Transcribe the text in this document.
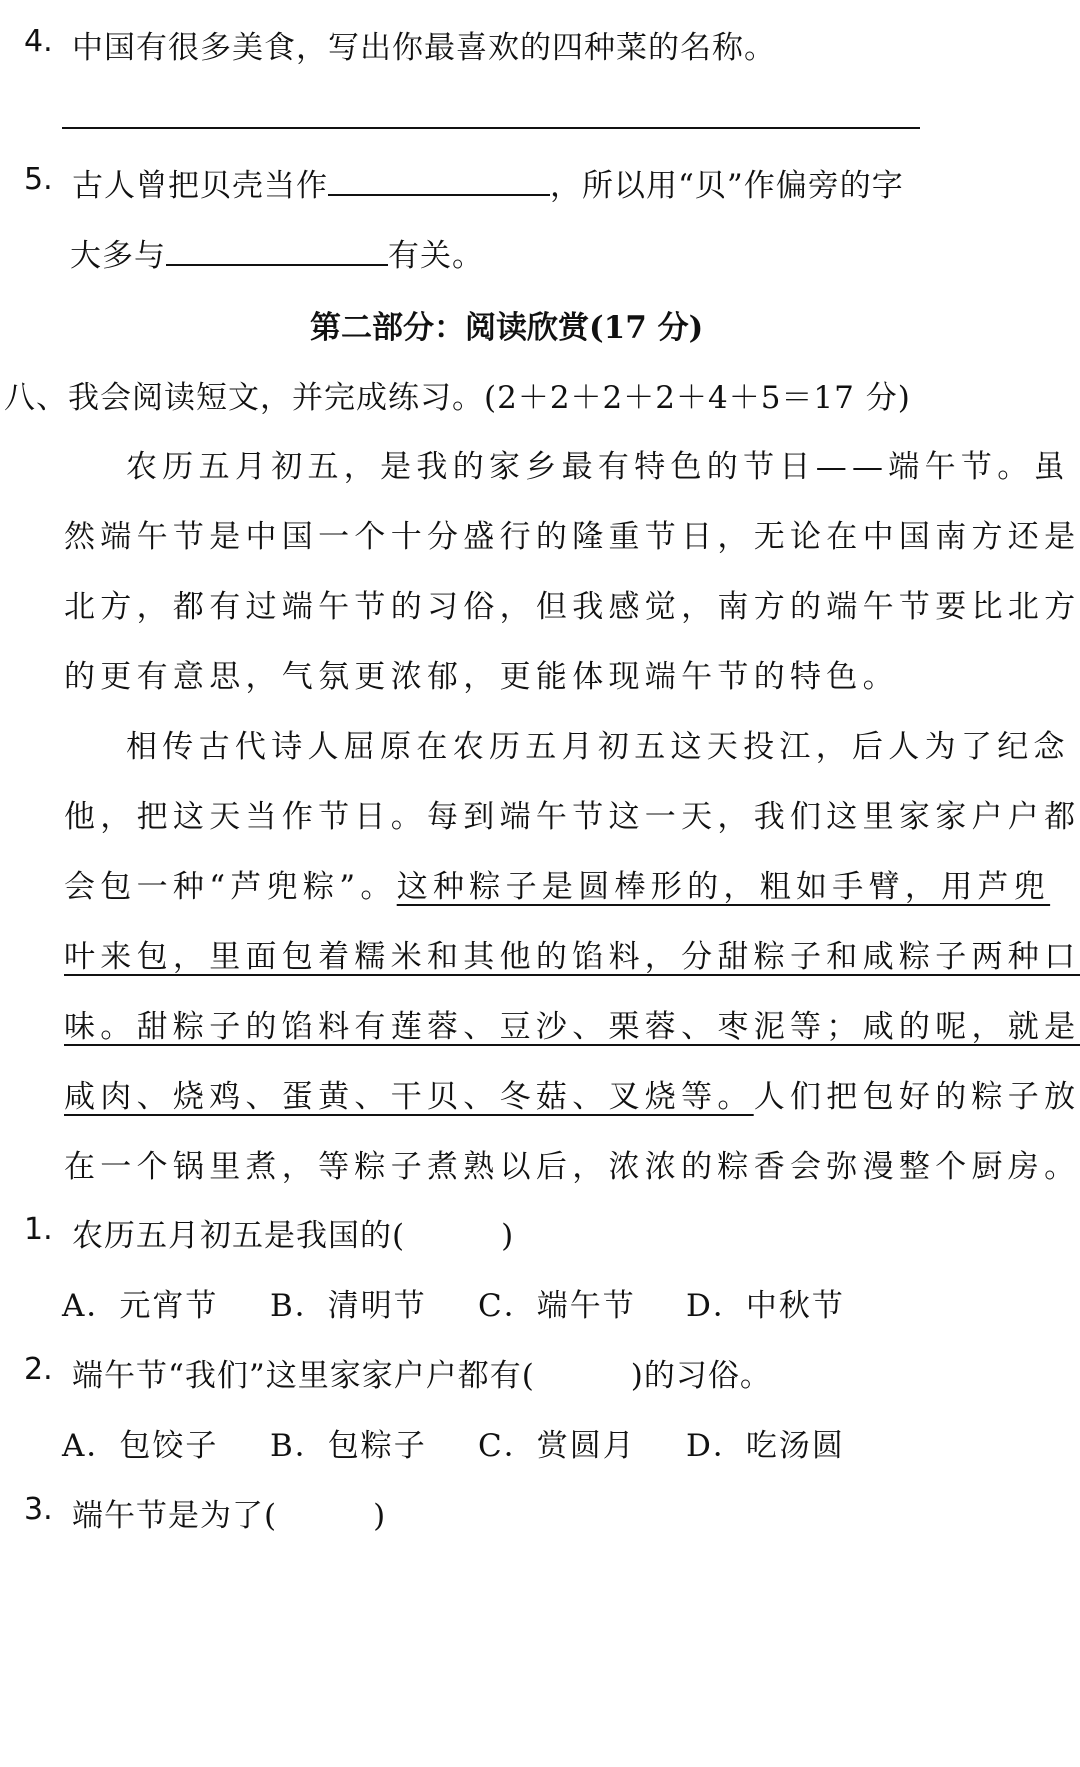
4. 中国有很多美食，写出你最喜欢的四种菜的名称。
5. 古人曾把贝壳当作	，所以用“贝”作偏旁的字
大多与	有关。
第二部分：阅读欣赏(17 分)
八、我会阅读短文，并完成练习。(2＋2＋2＋2＋4＋5＝17 分)
农历五月初五，是我的家乡最有特色的节日——端午节。虽
然端午节是中国一个十分盛行的隆重节日，无论在中国南方还是
北方，都有过端午节的习俗，但我感觉，南方的端午节要比北方
的更有意思，气氛更浓郁，更能体现端午节的特色。
相传古代诗人屈原在农历五月初五这天投江，后人为了纪念
他，把这天当作节日。每到端午节这一天，我们这里家家户户都
会包一种“芦兜粽”。这种粽子是圆棒形的，粗如手臂，用芦兜
叶来包，里面包着糯米和其他的馅料，分甜粽子和咸粽子两种口
味。甜粽子的馅料有莲蓉、豆沙、栗蓉、枣泥等；咸的呢，就是
咸肉、烧鸡、蛋黄、干贝、冬菇、叉烧等。人们把包好的粽子放
在一个锅里煮，等粽子煮熟以后，浓浓的粽香会弥漫整个厨房。
1. 农历五月初五是我国的(　　　)
A．元宵节 B．清明节 C．端午节 D．中秋节
2. 端午节“我们”这里家家户户都有(　　　)的习俗。
A．包饺子 B．包粽子 C．赏圆月 D．吃汤圆
3. 端午节是为了(　　　)
